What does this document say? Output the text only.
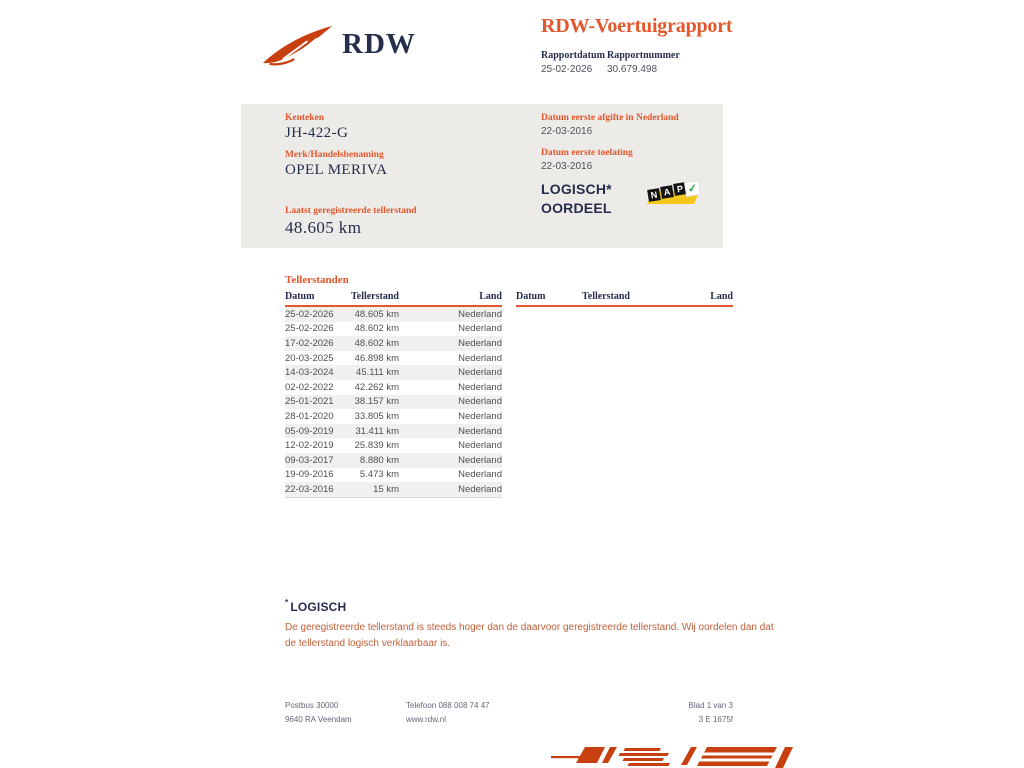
RDW
RDW-Voertuigrapport
Rapportdatum
25-02-2026
Rapportnummer
30.679.498
Kenteken
JH-422-G
Merk/Handelsbenaming
OPEL MERIVA
Laatst geregistreerde tellerstand
48.605 km
Datum eerste afgifte in Nederland
22-03-2016
Datum eerste toelating
22-03-2016
LOGISCH*
OORDEEL
N A P ✓
Tellerstanden
Datum	Tellerstand	Land
25-02-2026	48.605 km	Nederland
25-02-2026	48.602 km	Nederland
17-02-2026	48.602 km	Nederland
20-03-2025	46.898 km	Nederland
14-03-2024	45.111 km	Nederland
02-02-2022	42.262 km	Nederland
25-01-2021	38.157 km	Nederland
28-01-2020	33.805 km	Nederland
05-09-2019	31.411 km	Nederland
12-02-2019	25.839 km	Nederland
09-03-2017	8.880 km	Nederland
19-09-2016	5.473 km	Nederland
22-03-2016	15 km	Nederland
Datum	Tellerstand	Land
* LOGISCH
De geregistreerde tellerstand is steeds hoger dan de daarvoor geregistreerde tellerstand. Wij oordelen dan dat de tellerstand logisch verklaarbaar is.
Postbus 30000
9640 RA Veendam
Telefoon 088 008 74 47
www.rdw.nl
Blad 1 van 3
3 E 1675f
